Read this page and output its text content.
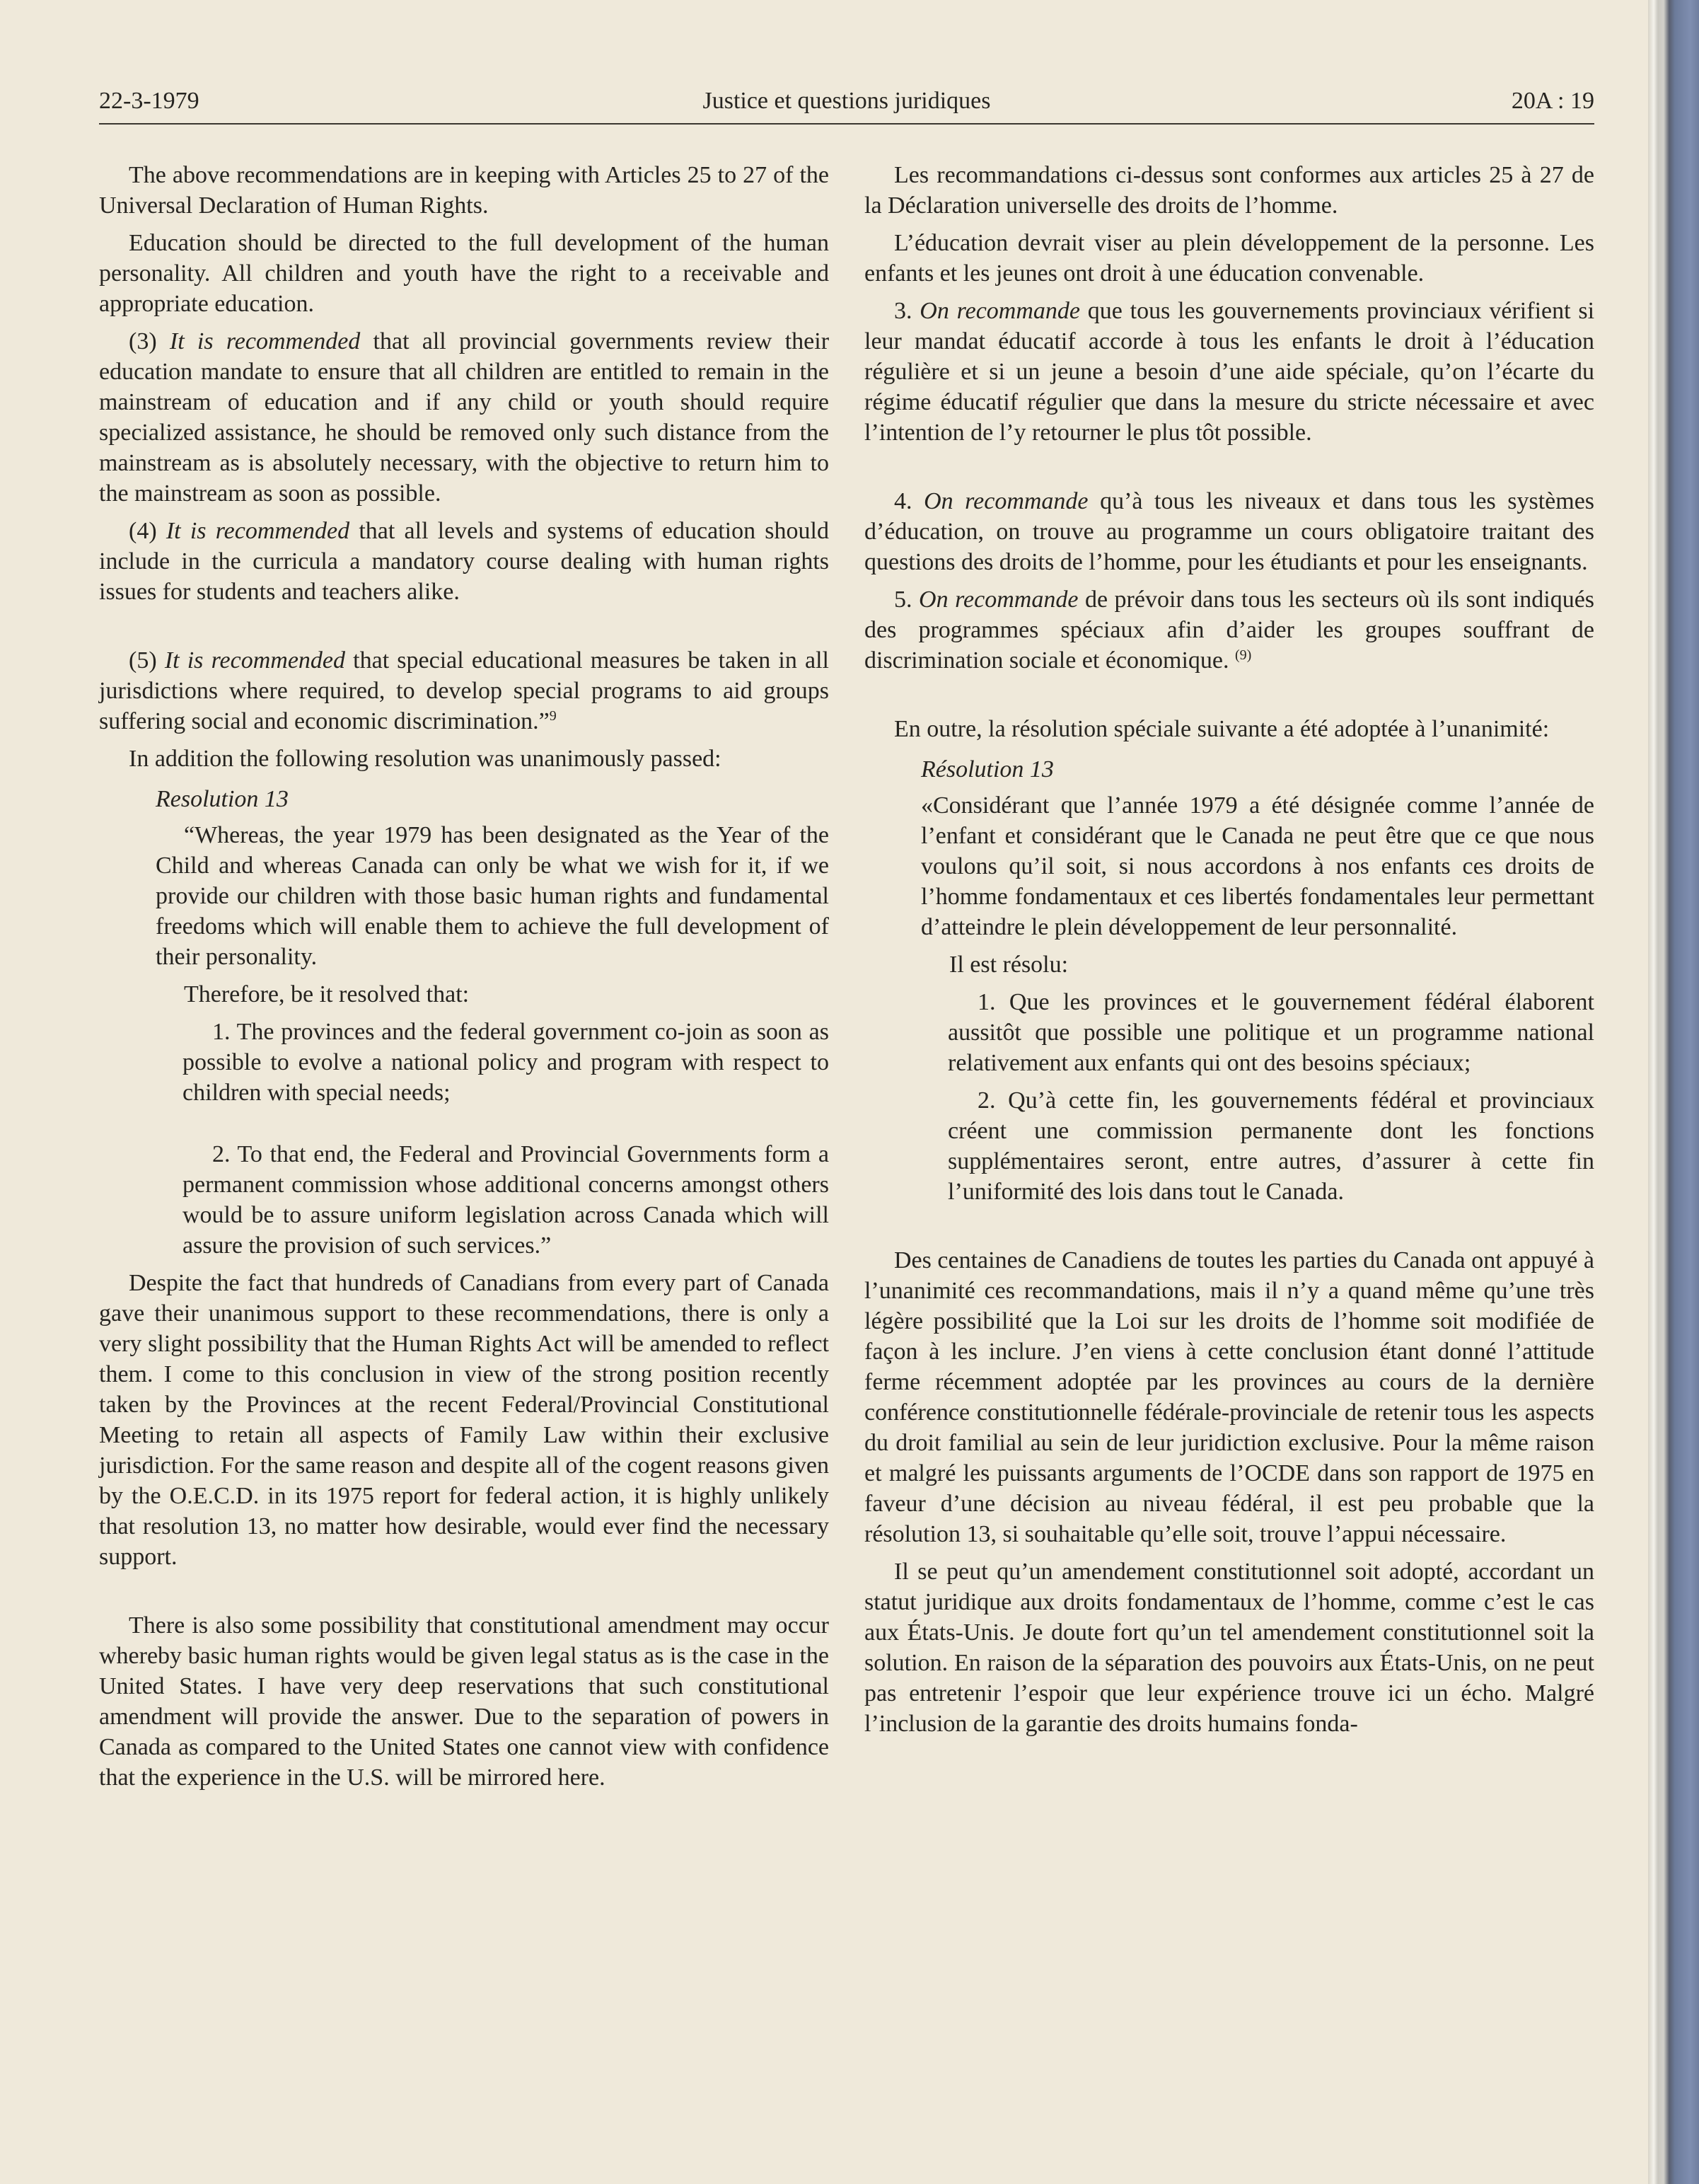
22-3-1979	Justice et questions juridiques	20A : 19

The above recommendations are in keeping with Articles 25 to 27 of the Universal Declaration of Human Rights.

Education should be directed to the full development of the human personality. All children and youth have the right to a receivable and appropriate education.

(3) It is recommended that all provincial governments review their education mandate to ensure that all children are entitled to remain in the mainstream of education and if any child or youth should require specialized assistance, he should be removed only such distance from the mainstream as is absolutely necessary, with the objective to return him to the mainstream as soon as possible.

(4) It is recommended that all levels and systems of education should include in the curricula a mandatory course dealing with human rights issues for students and teachers alike.

(5) It is recommended that special educational measures be taken in all jurisdictions where required, to develop special programs to aid groups suffering social and economic discrimination.”$^9$

In addition the following resolution was unanimously passed:

Resolution 13

“Whereas, the year 1979 has been designated as the Year of the Child and whereas Canada can only be what we wish for it, if we provide our children with those basic human rights and fundamental freedoms which will enable them to achieve the full development of their personality.

Therefore, be it resolved that:

1. The provinces and the federal government co-join as soon as possible to evolve a national policy and program with respect to children with special needs;

2. To that end, the Federal and Provincial Governments form a permanent commission whose additional concerns amongst others would be to assure uniform legislation across Canada which will assure the provision of such services.”

Despite the fact that hundreds of Canadians from every part of Canada gave their unanimous support to these recommendations, there is only a very slight possibility that the Human Rights Act will be amended to reflect them. I come to this conclusion in view of the strong position recently taken by the Provinces at the recent Federal/Provincial Constitutional Meeting to retain all aspects of Family Law within their exclusive jurisdiction. For the same reason and despite all of the cogent reasons given by the O.E.C.D. in its 1975 report for federal action, it is highly unlikely that resolution 13, no matter how desirable, would ever find the necessary support.

There is also some possibility that constitutional amendment may occur whereby basic human rights would be given legal status as is the case in the United States. I have very deep reservations that such constitutional amendment will provide the answer. Due to the separation of powers in Canada as compared to the United States one cannot view with confidence that the experience in the U.S. will be mirrored here.

Les recommandations ci-dessus sont conformes aux articles 25 à 27 de la Déclaration universelle des droits de l’homme.

L’éducation devrait viser au plein développement de la personne. Les enfants et les jeunes ont droit à une éducation convenable.

3. On recommande que tous les gouvernements provinciaux vérifient si leur mandat éducatif accorde à tous les enfants le droit à l’éducation régulière et si un jeune a besoin d’une aide spéciale, qu’on l’écarte du régime éducatif régulier que dans la mesure du stricte nécessaire et avec l’intention de l’y retourner le plus tôt possible.

4. On recommande qu’à tous les niveaux et dans tous les systèmes d’éducation, on trouve au programme un cours obligatoire traitant des questions des droits de l’homme, pour les étudiants et pour les enseignants.

5. On recommande de prévoir dans tous les secteurs où ils sont indiqués des programmes spéciaux afin d’aider les groupes souffrant de discrimination sociale et économique. $^{(9)}$

En outre, la résolution spéciale suivante a été adoptée à l’unanimité:

Résolution 13

«Considérant que l’année 1979 a été désignée comme l’année de l’enfant et considérant que le Canada ne peut être que ce que nous voulons qu’il soit, si nous accordons à nos enfants ces droits de l’homme fondamentaux et ces libertés fondamentales leur permettant d’atteindre le plein développement de leur personnalité.

Il est résolu:

1. Que les provinces et le gouvernement fédéral élaborent aussitôt que possible une politique et un programme national relativement aux enfants qui ont des besoins spéciaux;

2. Qu’à cette fin, les gouvernements fédéral et provinciaux créent une commission permanente dont les fonctions supplémentaires seront, entre autres, d’assurer à cette fin l’uniformité des lois dans tout le Canada.

Des centaines de Canadiens de toutes les parties du Canada ont appuyé à l’unanimité ces recommandations, mais il n’y a quand même qu’une très légère possibilité que la Loi sur les droits de l’homme soit modifiée de façon à les inclure. J’en viens à cette conclusion étant donné l’attitude ferme récemment adoptée par les provinces au cours de la dernière conférence constitutionnelle fédérale-provinciale de retenir tous les aspects du droit familial au sein de leur juridiction exclusive. Pour la même raison et malgré les puissants arguments de l’OCDE dans son rapport de 1975 en faveur d’une décision au niveau fédéral, il est peu probable que la résolution 13, si souhaitable qu’elle soit, trouve l’appui nécessaire.

Il se peut qu’un amendement constitutionnel soit adopté, accordant un statut juridique aux droits fondamentaux de l’homme, comme c’est le cas aux États-Unis. Je doute fort qu’un tel amendement constitutionnel soit la solution. En raison de la séparation des pouvoirs aux États-Unis, on ne peut pas entretenir l’espoir que leur expérience trouve ici un écho. Malgré l’inclusion de la garantie des droits humains fonda-
